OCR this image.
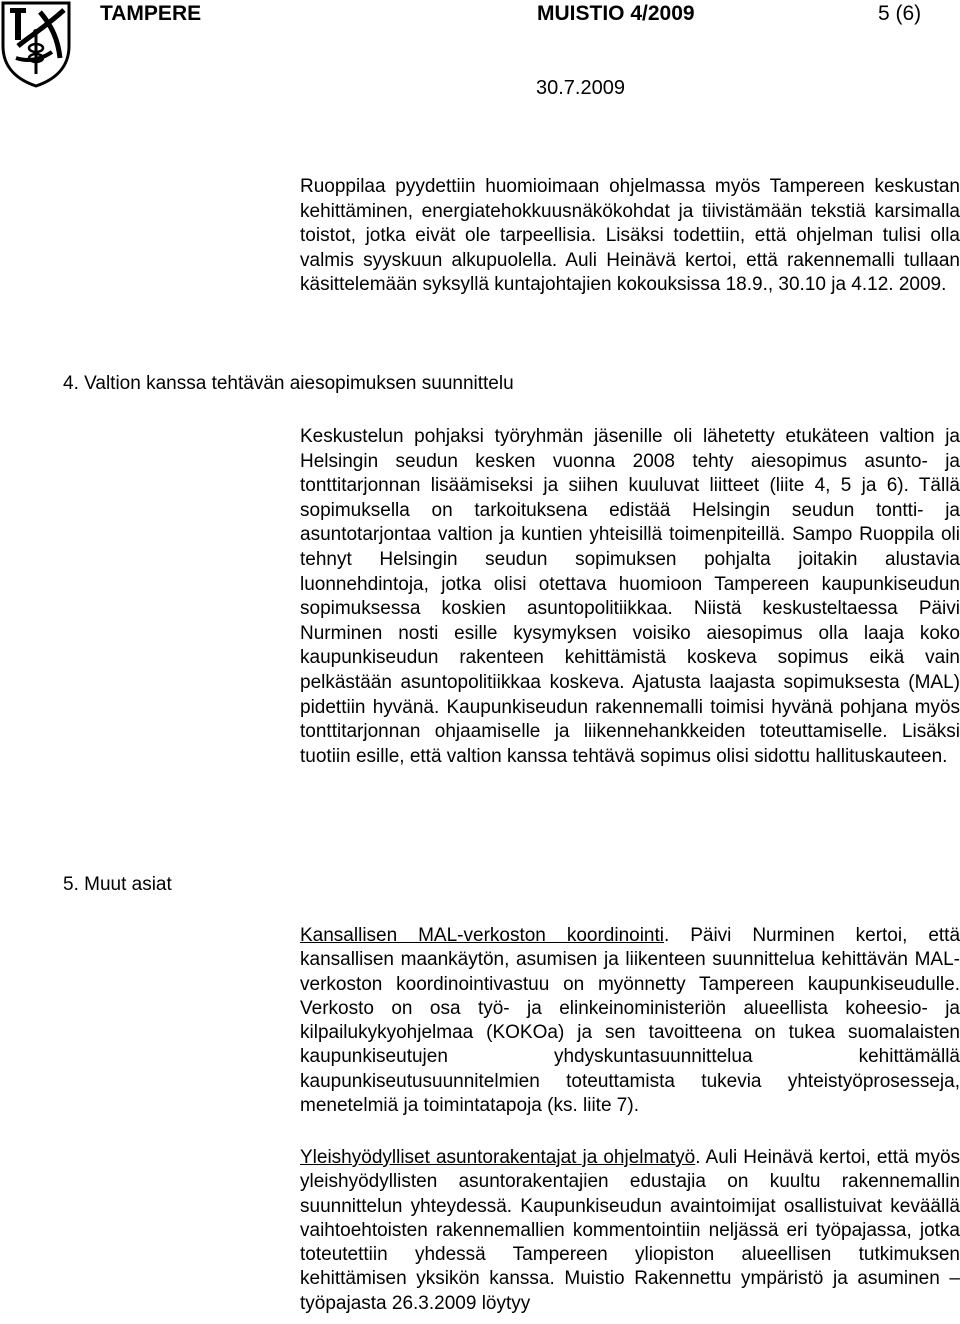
TAMPERE	MUISTIO 4/2009	5 (6)
30.7.2009

Ruoppilaa pyydettiin huomioimaan ohjelmassa myös Tampereen keskustan kehittäminen, energiatehokkuusnäkökohdat ja tiivistämään tekstiä karsimalla toistot, jotka eivät ole tarpeellisia. Lisäksi todettiin, että ohjelman tulisi olla valmis syyskuun alkupuolella. Auli Heinävä kertoi, että rakennemalli tullaan käsittelemään syksyllä kuntajohtajien kokouksissa 18.9., 30.10 ja 4.12. 2009.

4. Valtion kanssa tehtävän aiesopimuksen suunnittelu

Keskustelun pohjaksi työryhmän jäsenille oli lähetetty etukäteen valtion ja Helsingin seudun kesken vuonna 2008 tehty aiesopimus asunto- ja tonttitarjonnan lisäämiseksi ja siihen kuuluvat liitteet (liite 4, 5 ja 6). Tällä sopimuksella on tarkoituksena edistää Helsingin seudun tontti- ja asuntotarjontaa valtion ja kuntien yhteisillä toimenpiteillä. Sampo Ruoppila oli tehnyt Helsingin seudun sopimuksen pohjalta joitakin alustavia luonnehdintoja, jotka olisi otettava huomioon Tampereen kaupunkiseudun sopimuksessa koskien asuntopolitiikkaa. Niistä keskusteltaessa Päivi Nurminen nosti esille kysymyksen voisiko aiesopimus olla laaja koko kaupunkiseudun rakenteen kehittämistä koskeva sopimus eikä vain pelkästään asuntopolitiikkaa koskeva. Ajatusta laajasta sopimuksesta (MAL) pidettiin hyvänä. Kaupunkiseudun rakennemalli toimisi hyvänä pohjana myös tonttitarjonnan ohjaamiselle ja liikennehankkeiden toteuttamiselle. Lisäksi tuotiin esille, että valtion kanssa tehtävä sopimus olisi sidottu hallituskauteen.

5. Muut asiat

Kansallisen MAL-verkoston koordinointi. Päivi Nurminen kertoi, että kansallisen maankäytön, asumisen ja liikenteen suunnittelua kehittävän MAL-verkoston koordinointivastuu on myönnetty Tampereen kaupunkiseudulle. Verkosto on osa työ- ja elinkeinoministeriön alueellista koheesio- ja kilpailukykyohjelmaa (KOKOa) ja sen tavoitteena on tukea suomalaisten kaupunkiseutujen yhdyskuntasuunnittelua kehittämällä kaupunkiseutusuunnitelmien toteuttamista tukevia yhteistyöprosesseja, menetelmiä ja toimintatapoja (ks. liite 7).

Yleishyödylliset asuntorakentajat ja ohjelmatyö. Auli Heinävä kertoi, että myös yleishyödyllisten asuntorakentajien edustajia on kuultu rakennemallin suunnittelun yhteydessä. Kaupunkiseudun avaintoimijat osallistuivat keväällä vaihtoehtoisten rakennemallien kommentointiin neljässä eri työpajassa, jotka toteutettiin yhdessä Tampereen yliopiston alueellisen tutkimuksen kehittämisen yksikön kanssa. Muistio Rakennettu ympäristö ja asuminen –työpajasta 26.3.2009 löytyy
